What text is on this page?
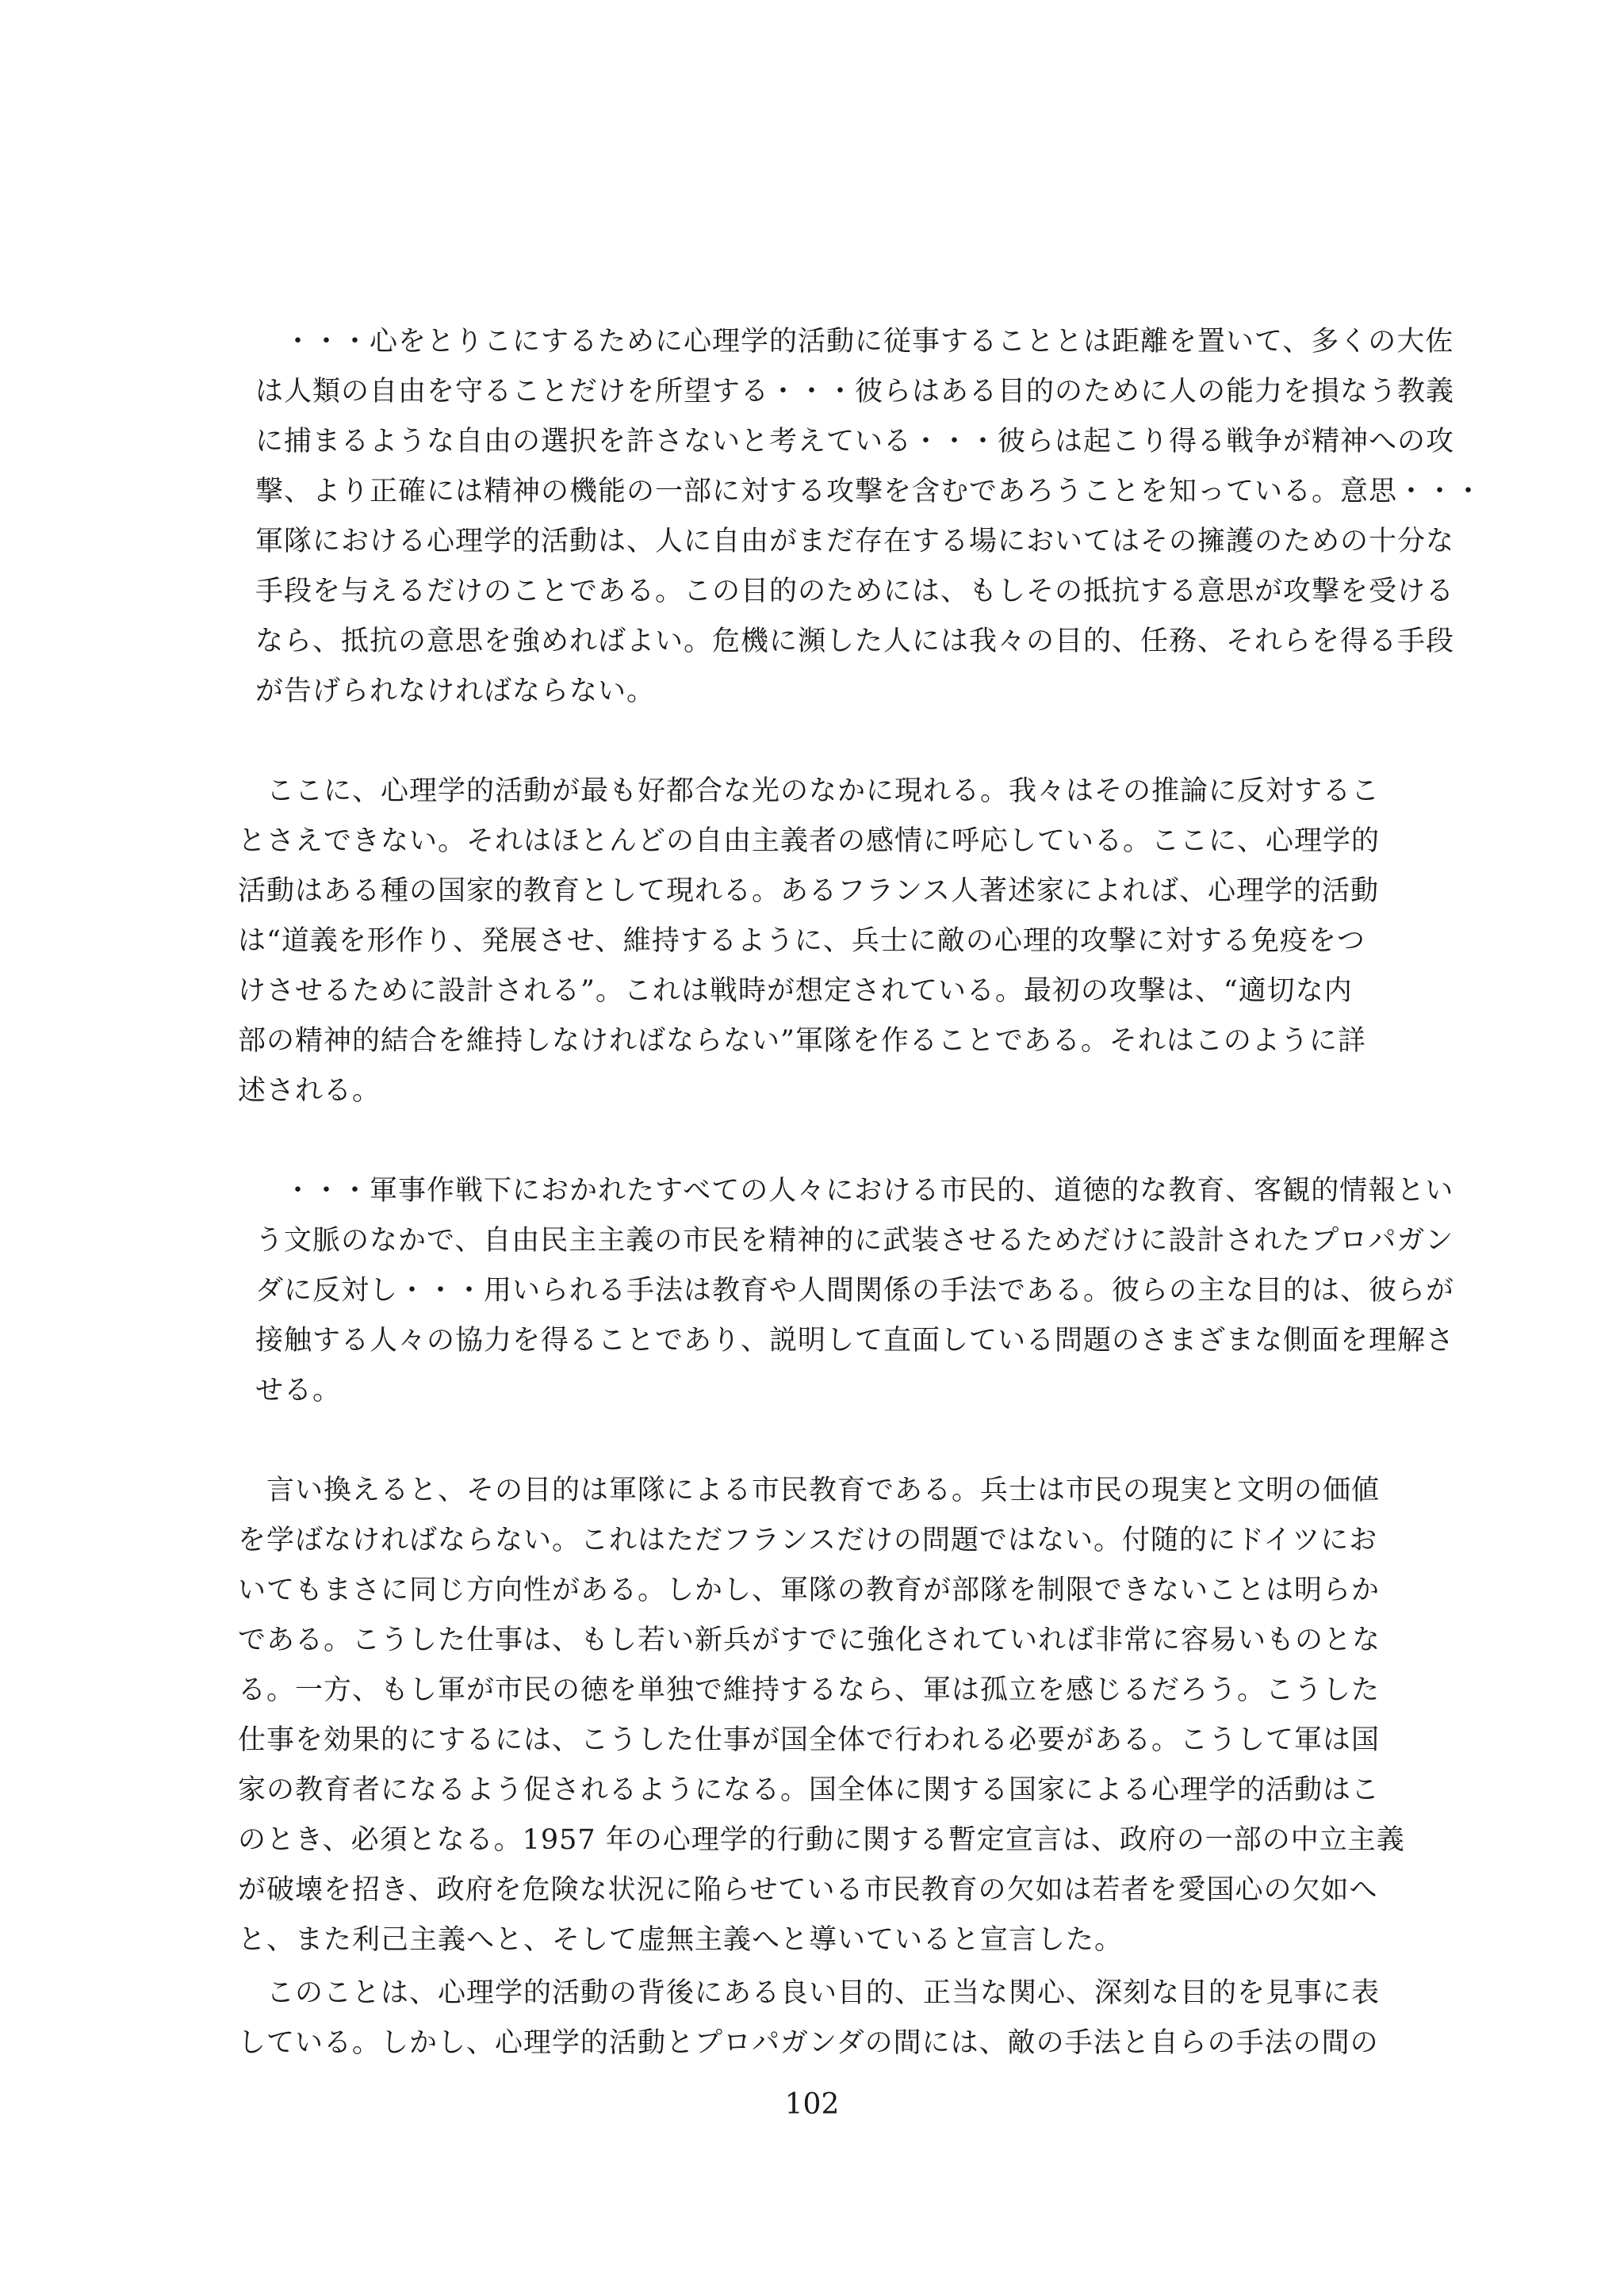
　・・・心をとりこにするために心理学的活動に従事することとは距離を置いて、多くの大佐
は人類の自由を守ることだけを所望する・・・彼らはある目的のために人の能力を損なう教義
に捕まるような自由の選択を許さないと考えている・・・彼らは起こり得る戦争が精神への攻
撃、より正確には精神の機能の一部に対する攻撃を含むであろうことを知っている。意思・・・
軍隊における心理学的活動は、人に自由がまだ存在する場においてはその擁護のための十分な
手段を与えるだけのことである。この目的のためには、もしその抵抗する意思が攻撃を受ける
なら、抵抗の意思を強めればよい。危機に瀕した人には我々の目的、任務、それらを得る手段
が告げられなければならない。

　ここに、心理学的活動が最も好都合な光のなかに現れる。我々はその推論に反対するこ
とさえできない。それはほとんどの自由主義者の感情に呼応している。ここに、心理学的
活動はある種の国家的教育として現れる。あるフランス人著述家によれば、心理学的活動
は“道義を形作り、発展させ、維持するように、兵士に敵の心理的攻撃に対する免疫をつ
けさせるために設計される”。これは戦時が想定されている。最初の攻撃は、“適切な内
部の精神的結合を維持しなければならない”軍隊を作ることである。それはこのように詳
述される。

　・・・軍事作戦下におかれたすべての人々における市民的、道徳的な教育、客観的情報とい
う文脈のなかで、自由民主主義の市民を精神的に武装させるためだけに設計されたプロパガン
ダに反対し・・・用いられる手法は教育や人間関係の手法である。彼らの主な目的は、彼らが
接触する人々の協力を得ることであり、説明して直面している問題のさまざまな側面を理解さ
せる。

　言い換えると、その目的は軍隊による市民教育である。兵士は市民の現実と文明の価値
を学ばなければならない。これはただフランスだけの問題ではない。付随的にドイツにお
いてもまさに同じ方向性がある。しかし、軍隊の教育が部隊を制限できないことは明らか
である。こうした仕事は、もし若い新兵がすでに強化されていれば非常に容易いものとな
る。一方、もし軍が市民の徳を単独で維持するなら、軍は孤立を感じるだろう。こうした
仕事を効果的にするには、こうした仕事が国全体で行われる必要がある。こうして軍は国
家の教育者になるよう促されるようになる。国全体に関する国家による心理学的活動はこ
のとき、必須となる。1957 年の心理学的行動に関する暫定宣言は、政府の一部の中立主義
が破壊を招き、政府を危険な状況に陥らせている市民教育の欠如は若者を愛国心の欠如へ
と、また利己主義へと、そして虚無主義へと導いていると宣言した。

　このことは、心理学的活動の背後にある良い目的、正当な関心、深刻な目的を見事に表
している。しかし、心理学的活動とプロパガンダの間には、敵の手法と自らの手法の間の

102
